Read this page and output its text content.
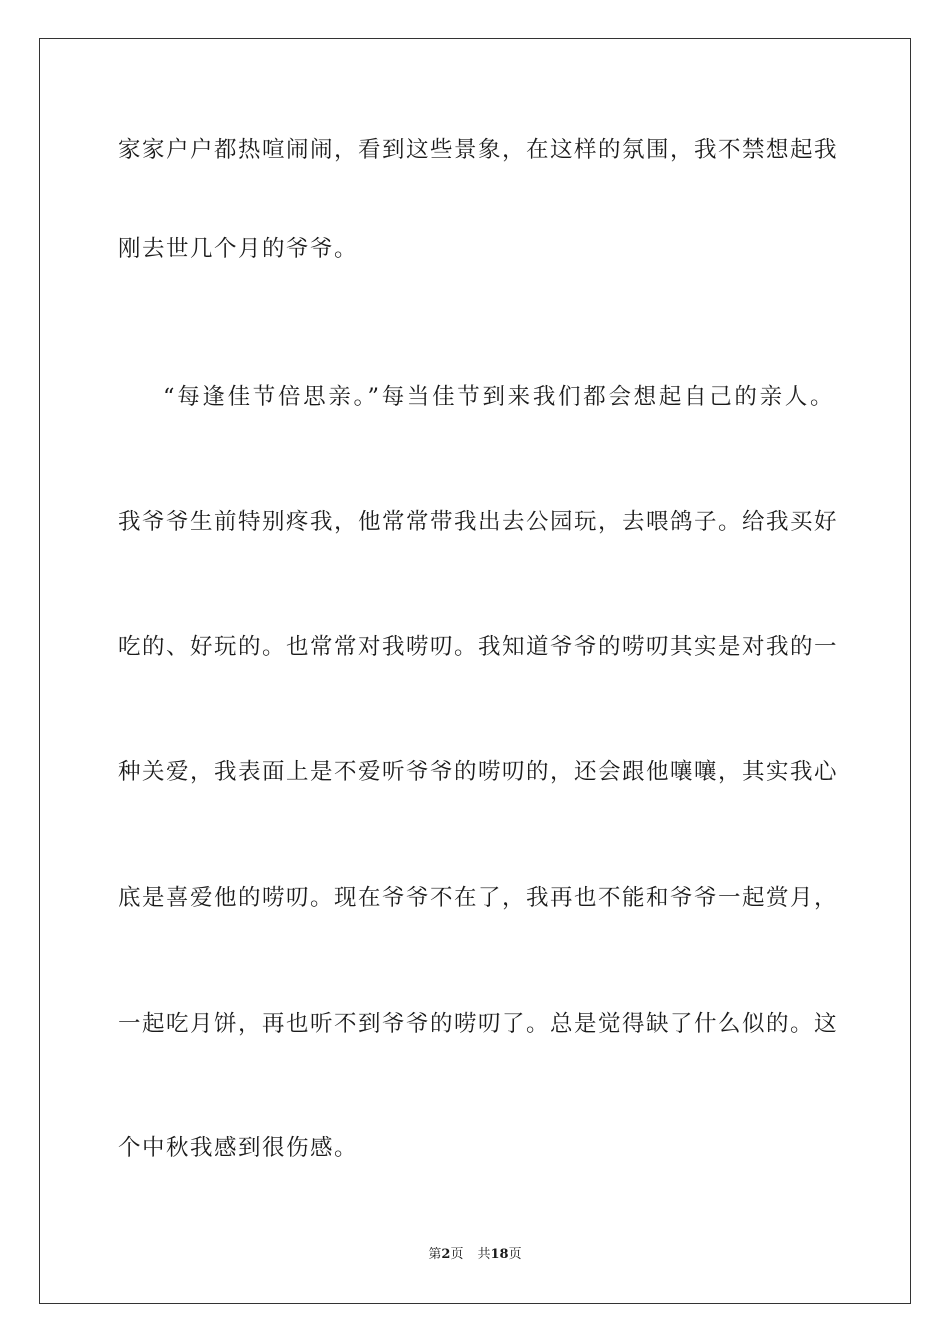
家家户户都热喧闹闹，看到这些景象，在这样的氛围，我不禁想起我
刚去世几个月的爷爷。
“每逢佳节倍思亲。”每当佳节到来我们都会想起自己的亲人。
我爷爷生前特别疼我，他常常带我出去公园玩，去喂鸽子。给我买好
吃的、好玩的。也常常对我唠叨。我知道爷爷的唠叨其实是对我的一
种关爱，我表面上是不爱听爷爷的唠叨的，还会跟他嚷嚷，其实我心
底是喜爱他的唠叨。现在爷爷不在了，我再也不能和爷爷一起赏月，
一起吃月饼，再也听不到爷爷的唠叨了。总是觉得缺了什么似的。这
个中秋我感到很伤感。
第2页 共18页
